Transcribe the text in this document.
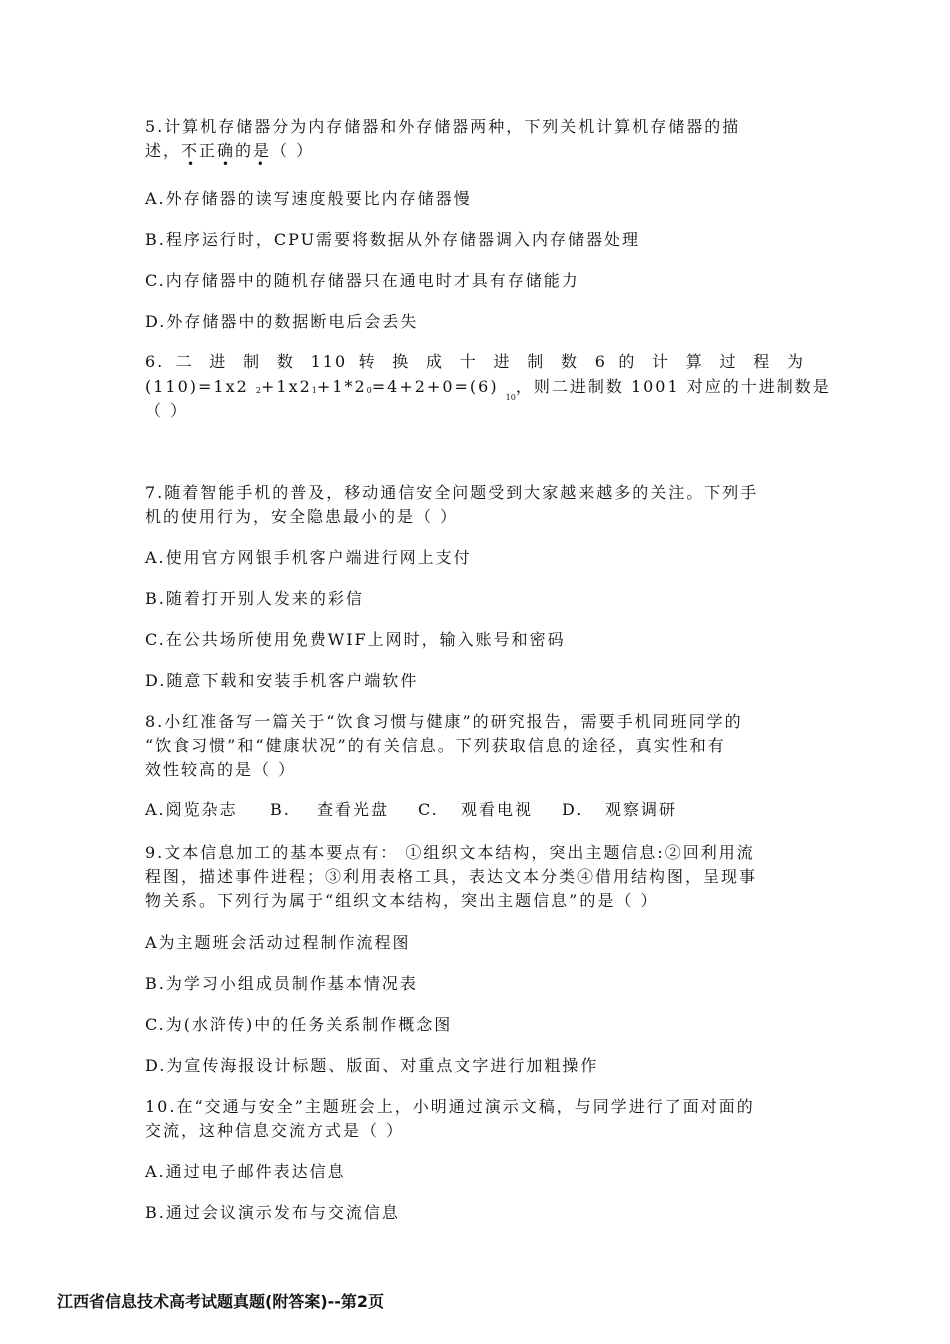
5.计算机存储器分为内存储器和外存储器两种，下列关机计算机存储器的描
述，不正确的是（ ）
• • •
A.外存储器的读写速度般要比内存储器慢
B.程序运行时，CPU需要将数据从外存储器调入内存储器处理
C.内存储器中的随机存储器只在通电时才具有存储能力
D.外存储器中的数据断电后会丢失
6. 二 进 制 数 110 转 换 成 十 进 制 数 6 的 计 算 过 程 为
(110)=1x2 $_2+1x2_1+1*2_0=4+2+0=(6)$ $_{10}$，则二进制数 1001 对应的十进制数是
（ ）
7.随着智能手机的普及，移动通信安全问题受到大家越来越多的关注。下列手
机的使用行为，安全隐患最小的是（ ）
A.使用官方网银手机客户端进行网上支付
B.随着打开别人发来的彩信
C.在公共场所使用免费WIF上网时，输入账号和密码
D.随意下载和安装手机客户端软件
8.小红准备写一篇关于“饮食习惯与健康”的研究报告，需要手机同班同学的
“饮食习惯”和“健康状况”的有关信息。下列获取信息的途径，真实性和有
效性较高的是（ ）
A.阅览杂志 B. 查看光盘 C. 观看电视 D. 观察调研
9.文本信息加工的基本要点有： ①组织文本结构，突出主题信息:②回利用流
程图，描述事件进程；③利用表格工具，表达文本分类④借用结构图，呈现事
物关系。下列行为属于“组织文本结构，突出主题信息”的是（ ）
A为主题班会活动过程制作流程图
B.为学习小组成员制作基本情况表
C.为(水浒传)中的任务关系制作概念图
D.为宣传海报设计标题、版面、对重点文字进行加粗操作
10.在“交通与安全”主题班会上，小明通过演示文稿，与同学进行了面对面的
交流，这种信息交流方式是（ ）
A.通过电子邮件表达信息
B.通过会议演示发布与交流信息
江西省信息技术高考试题真题(附答案)--第2页
